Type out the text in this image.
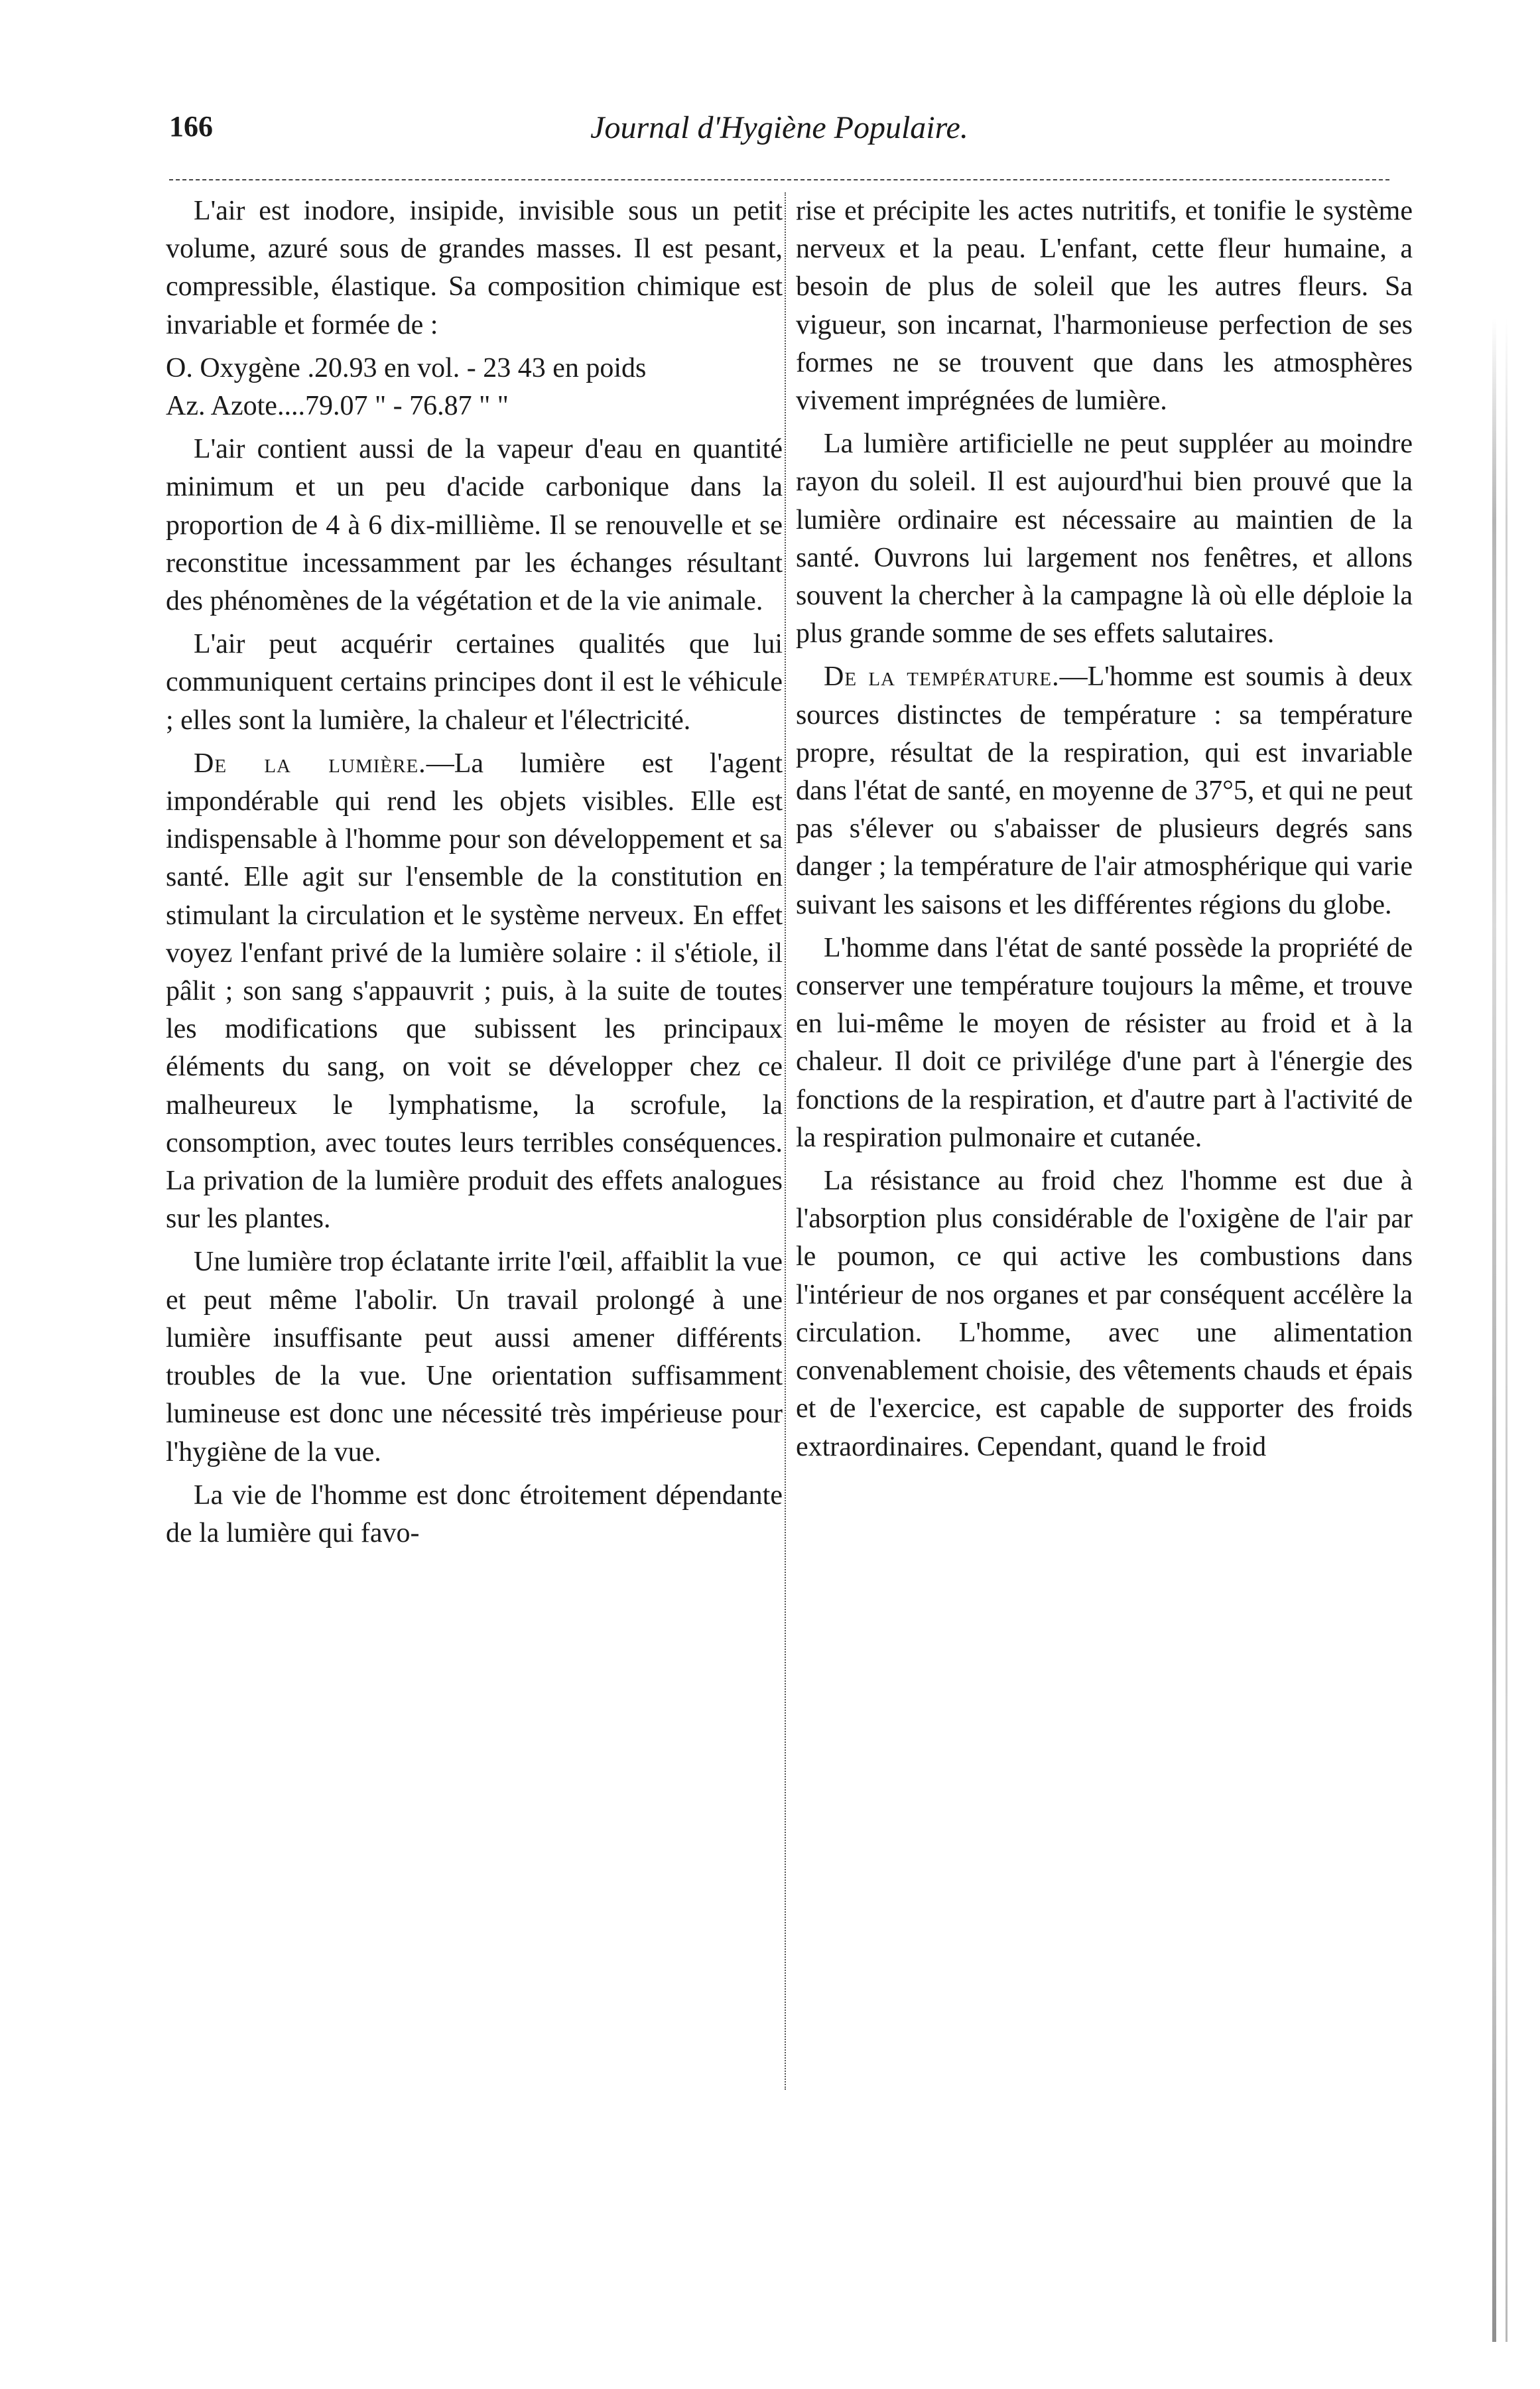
166	Journal d'Hygiène Populaire.

L'air est inodore, insipide, invisible sous un petit volume, azuré sous de grandes masses. Il est pesant, compressible, élastique. Sa composition chimique est invariable et formée de :

O. Oxygène .20.93 en vol. - 23 43 en poids
Az. Azote....79.07 " - 76.87 " "

L'air contient aussi de la vapeur d'eau en quantité minimum et un peu d'acide carbonique dans la proportion de 4 à 6 dix-millième. Il se renouvelle et se reconstitue incessamment par les échanges résultant des phénomènes de la végétation et de la vie animale.

L'air peut acquérir certaines qualités que lui communiquent certains principes dont il est le véhicule ; elles sont la lumière, la chaleur et l'électricité.

De la lumière.—La lumière est l'agent impondérable qui rend les objets visibles. Elle est indispensable à l'homme pour son développement et sa santé. Elle agit sur l'ensemble de la constitution en stimulant la circulation et le système nerveux. En effet voyez l'enfant privé de la lumière solaire : il s'étiole, il pâlit ; son sang s'appauvrit ; puis, à la suite de toutes les modifications que subissent les principaux éléments du sang, on voit se développer chez ce malheureux le lymphatisme, la scrofule, la consomption, avec toutes leurs terribles conséquences. La privation de la lumière produit des effets analogues sur les plantes.

Une lumière trop éclatante irrite l'œil, affaiblit la vue et peut même l'abolir. Un travail prolongé à une lumière insuffisante peut aussi amener différents troubles de la vue. Une orientation suffisamment lumineuse est donc une nécessité très impérieuse pour l'hygiène de la vue.

La vie de l'homme est donc étroitement dépendante de la lumière qui favo-

rise et précipite les actes nutritifs, et tonifie le système nerveux et la peau. L'enfant, cette fleur humaine, a besoin de plus de soleil que les autres fleurs. Sa vigueur, son incarnat, l'harmonieuse perfection de ses formes ne se trouvent que dans les atmosphères vivement imprégnées de lumière.

La lumière artificielle ne peut suppléer au moindre rayon du soleil. Il est aujourd'hui bien prouvé que la lumière ordinaire est nécessaire au maintien de la santé. Ouvrons lui largement nos fenêtres, et allons souvent la chercher à la campagne là où elle déploie la plus grande somme de ses effets salutaires.

De la température.—L'homme est soumis à deux sources distinctes de température : sa température propre, résultat de la respiration, qui est invariable dans l'état de santé, en moyenne de 37°5, et qui ne peut pas s'élever ou s'abaisser de plusieurs degrés sans danger ; la température de l'air atmosphérique qui varie suivant les saisons et les différentes régions du globe.

L'homme dans l'état de santé possède la propriété de conserver une température toujours la même, et trouve en lui-même le moyen de résister au froid et à la chaleur. Il doit ce privilége d'une part à l'énergie des fonctions de la respiration, et d'autre part à l'activité de la respiration pulmonaire et cutanée.

La résistance au froid chez l'homme est due à l'absorption plus considérable de l'oxigène de l'air par le poumon, ce qui active les combustions dans l'intérieur de nos organes et par conséquent accélère la circulation. L'homme, avec une alimentation convenablement choisie, des vêtements chauds et épais et de l'exercice, est capable de supporter des froids extraordinaires. Cependant, quand le froid
